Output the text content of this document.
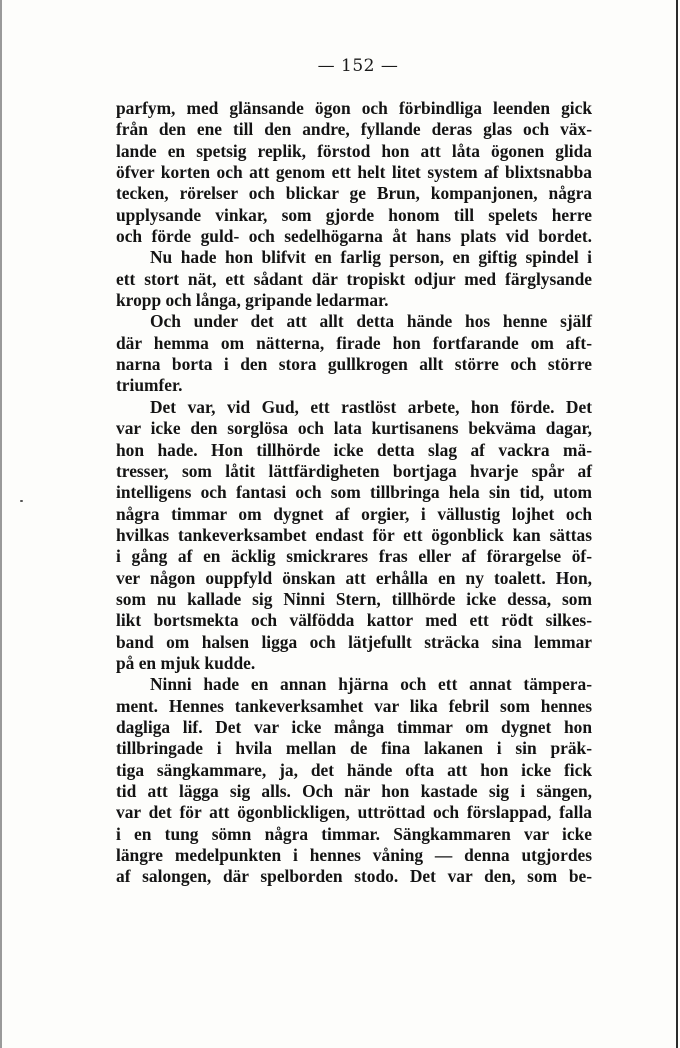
— 152 —
parfym, med glänsande ögon och förbindliga leenden gick
från den ene till den andre, fyllande deras glas och väx-
lande en spetsig replik, förstod hon att låta ögonen glida
öfver korten och att genom ett helt litet system af blixtsnabba
tecken, rörelser och blickar ge Brun, kompanjonen, några
upplysande vinkar, som gjorde honom till spelets herre
och förde guld- och sedelhögarna åt hans plats vid bordet.
Nu hade hon blifvit en farlig person, en giftig spindel i
ett stort nät, ett sådant där tropiskt odjur med färglysande
kropp och långa, gripande ledarmar.
Och under det att allt detta hände hos henne själf
där hemma om nätterna, firade hon fortfarande om aft-
narna borta i den stora gullkrogen allt större och större
triumfer.
Det var, vid Gud, ett rastlöst arbete, hon förde. Det
var icke den sorglösa och lata kurtisanens bekväma dagar,
hon hade. Hon tillhörde icke detta slag af vackra mä-
tresser, som låtit lättfärdigheten bortjaga hvarje spår af
intelligens och fantasi och som tillbringa hela sin tid, utom
några timmar om dygnet af orgier, i vällustig lojhet och
hvilkas tankeverksambet endast för ett ögonblick kan sättas
i gång af en äcklig smickrares fras eller af förargelse öf-
ver någon ouppfyld önskan att erhålla en ny toalett. Hon,
som nu kallade sig Ninni Stern, tillhörde icke dessa, som
likt bortsmekta och välfödda kattor med ett rödt silkes-
band om halsen ligga och lätjefullt sträcka sina lemmar
på en mjuk kudde.
Ninni hade en annan hjärna och ett annat tämpera-
ment. Hennes tankeverksamhet var lika febril som hennes
dagliga lif. Det var icke många timmar om dygnet hon
tillbringade i hvila mellan de fina lakanen i sin präk-
tiga sängkammare, ja, det hände ofta att hon icke fick
tid att lägga sig alls. Och när hon kastade sig i sängen,
var det för att ögonblickligen, uttröttad och förslappad, falla
i en tung sömn några timmar. Sängkammaren var icke
längre medelpunkten i hennes våning — denna utgjordes
af salongen, där spelborden stodo. Det var den, som be-
